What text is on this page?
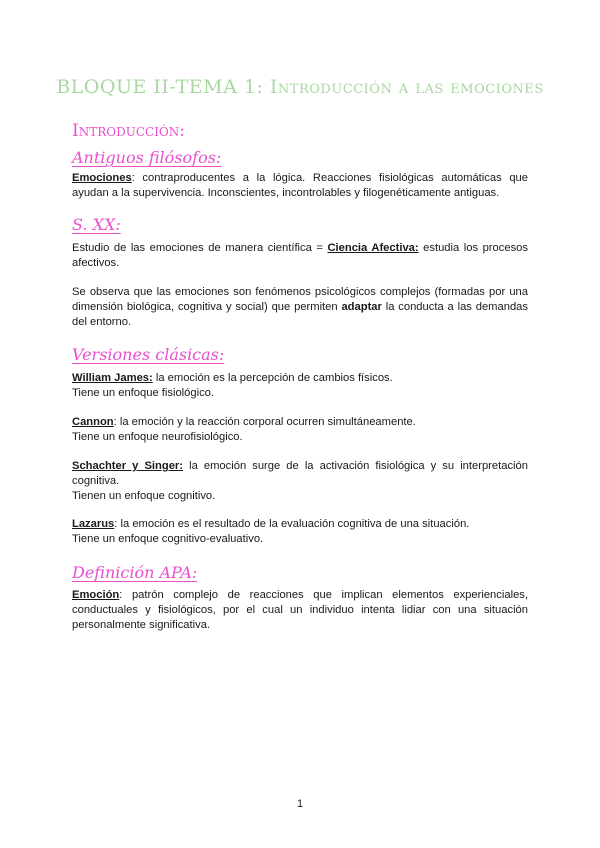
BLOQUE II-TEMA 1: Introducción a las emociones
Introducción:
Antiguos filósofos:
Emociones: contraproducentes a la lógica. Reacciones fisiológicas automáticas que ayudan a la supervivencia. Inconscientes, incontrolables y filogenéticamente antiguas.
S. XX:
Estudio de las emociones de manera científica = Ciencia Afectiva: estudia los procesos afectivos.
Se observa que las emociones son fenómenos psicológicos complejos (formadas por una dimensión biológica, cognitiva y social) que permiten adaptar la conducta a las demandas del entorno.
Versiones clásicas:
William James: la emoción es la percepción de cambios físicos.
Tiene un enfoque fisiológico.
Cannon: la emoción y la reacción corporal ocurren simultáneamente.
Tiene un enfoque neurofisiológico.
Schachter y Singer: la emoción surge de la activación fisiológica y su interpretación cognitiva.
Tienen un enfoque cognitivo.
Lazarus: la emoción es el resultado de la evaluación cognitiva de una situación.
Tiene un enfoque cognitivo-evaluativo.
Definición APA:
Emoción: patrón complejo de reacciones que implican elementos experienciales, conductuales y fisiológicos, por el cual un individuo intenta lidiar con una situación personalmente significativa.
1
